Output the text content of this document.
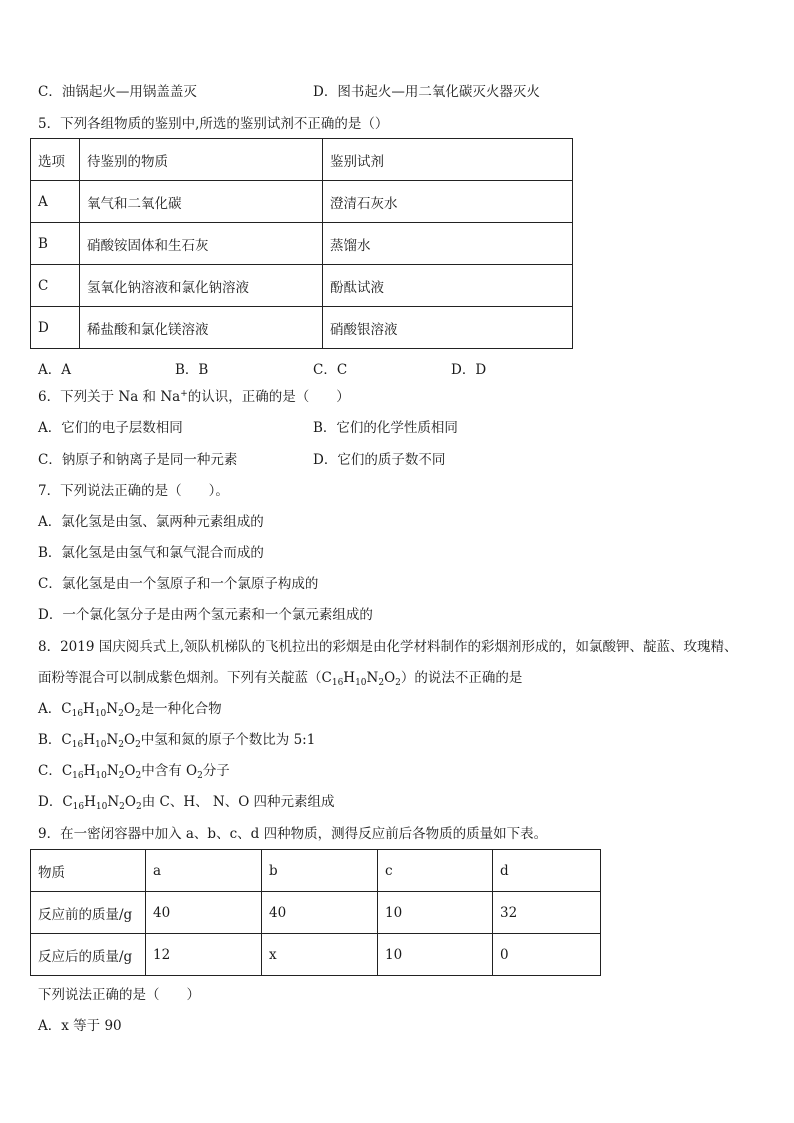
C．油锅起火—用锅盖盖灭	D．图书起火—用二氧化碳灭火器灭火
5．下列各组物质的鉴别中,所选的鉴别试剂不正确的是（）
选项	待鉴别的物质	鉴别试剂
A	氧气和二氧化碳	澄清石灰水
B	硝酸铵固体和生石灰	蒸馏水
C	氢氧化钠溶液和氯化钠溶液	酚酞试液
D	稀盐酸和氯化镁溶液	硝酸银溶液
A．A	B．B	C．C	D．D
6．下列关于 Na 和 Na+的认识，正确的是（　　）
A．它们的电子层数相同	B．它们的化学性质相同
C．钠原子和钠离子是同一种元素	D．它们的质子数不同
7．下列说法正确的是（　　）。
A．氯化氢是由氢、氯两种元素组成的
B．氯化氢是由氢气和氯气混合而成的
C．氯化氢是由一个氢原子和一个氯原子构成的
D．一个氯化氢分子是由两个氢元素和一个氯元素组成的
8．2019 国庆阅兵式上,领队机梯队的飞机拉出的彩烟是由化学材料制作的彩烟剂形成的，如氯酸钾、靛蓝、玫瑰精、
面粉等混合可以制成紫色烟剂。下列有关靛蓝$(C_{16}H_{10}N_2O_2)$的说法不正确的是
A．$C_{16}H_{10}N_2O_2$是一种化合物
B．$C_{16}H_{10}N_2O_2$中氢和氮的原子个数比为 5:1
C．$C_{16}H_{10}N_2O_2$中含有 $O_2$分子
D．$C_{16}H_{10}N_2O_2$由 C、H、 N、O 四种元素组成
9．在一密闭容器中加入 a、b、c、d 四种物质，测得反应前后各物质的质量如下表。
物质	a	b	c	d
反应前的质量/g	40	40	10	32
反应后的质量/g	12	x	10	0
下列说法正确的是（　　）
A．x 等于 90
